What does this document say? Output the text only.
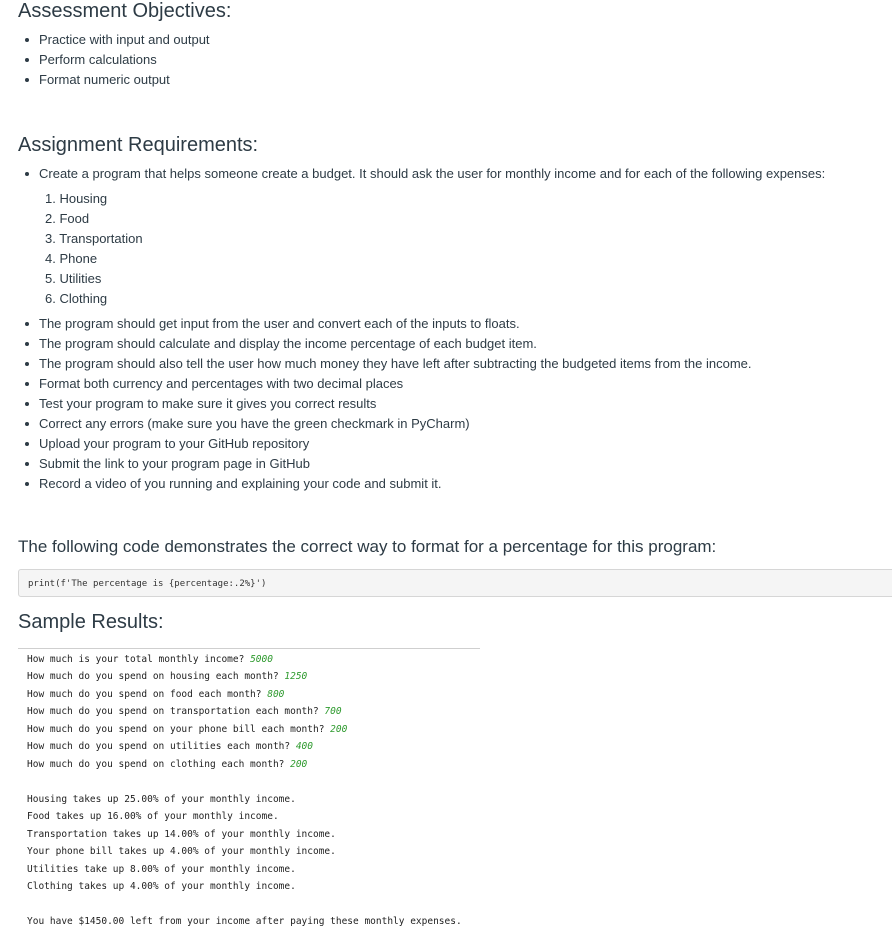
Assessment Objectives:
Practice with input and output
Perform calculations
Format numeric output
Assignment Requirements:
Create a program that helps someone create a budget. It should ask the user for monthly income and for each of the following expenses:
1. Housing
2. Food
3. Transportation
4. Phone
5. Utilities
6. Clothing
The program should get input from the user and convert each of the inputs to floats.
The program should calculate and display the income percentage of each budget item.
The program should also tell the user how much money they have left after subtracting the budgeted items from the income.
Format both currency and percentages with two decimal places
Test your program to make sure it gives you correct results
Correct any errors (make sure you have the green checkmark in PyCharm)
Upload your program to your GitHub repository
Submit the link to your program page in GitHub
Record a video of you running and explaining your code and submit it.
The following code demonstrates the correct way to format for a percentage for this program:
print(f'The percentage is {percentage:.2%}')
Sample Results:
How much is your total monthly income? 5000
How much do you spend on housing each month? 1250
How much do you spend on food each month? 800
How much do you spend on transportation each month? 700
How much do you spend on your phone bill each month? 200
How much do you spend on utilities each month? 400
How much do you spend on clothing each month? 200
Housing takes up 25.00% of your monthly income.
Food takes up 16.00% of your monthly income.
Transportation takes up 14.00% of your monthly income.
Your phone bill takes up 4.00% of your monthly income.
Utilities take up 8.00% of your monthly income.
Clothing takes up 4.00% of your monthly income.
You have $1450.00 left from your income after paying these monthly expenses.
